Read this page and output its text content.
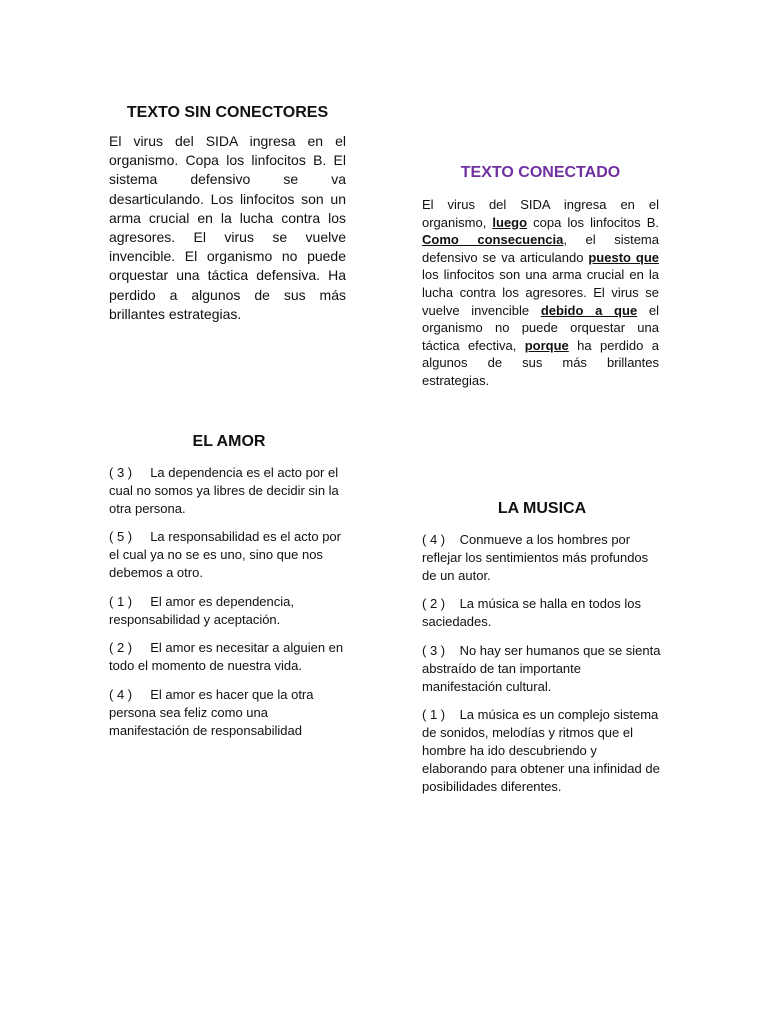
TEXTO SIN CONECTORES

El virus del SIDA ingresa en el organismo. Copa los linfocitos B. El sistema defensivo se va desarticulando. Los linfocitos son un arma crucial en la lucha contra los agresores. El virus se vuelve invencible. El organismo no puede orquestar una táctica defensiva. Ha perdido a algunos de sus más brillantes estrategias.

TEXTO CONECTADO

El virus del SIDA ingresa en el organismo, luego copa los linfocitos B. Como consecuencia, el sistema defensivo se va articulando puesto que los linfocitos son una arma crucial en la lucha contra los agresores. El virus se vuelve invencible debido a que el organismo no puede orquestar una táctica efectiva, porque ha perdido a algunos de sus más brillantes estrategias.

EL AMOR

( 3 ) La dependencia es el acto por el cual no somos ya libres de decidir sin la otra persona.

( 5 ) La responsabilidad es el acto por el cual ya no se es uno, sino que nos debemos a otro.

( 1 ) El amor es dependencia, responsabilidad y aceptación.

( 2 ) El amor es necesitar a alguien en todo el momento de nuestra vida.

( 4 ) El amor es hacer que la otra persona sea feliz como una manifestación de responsabilidad

LA MUSICA

( 4 ) Conmueve a los hombres por reflejar los sentimientos más profundos de un autor.

( 2 ) La música se halla en todos los saciedades.

( 3 ) No hay ser humanos que se sienta abstraído de tan importante manifestación cultural.

( 1 ) La música es un complejo sistema de sonidos, melodías y ritmos que el hombre ha ido descubriendo y elaborando para obtener una infinidad de posibilidades diferentes.
